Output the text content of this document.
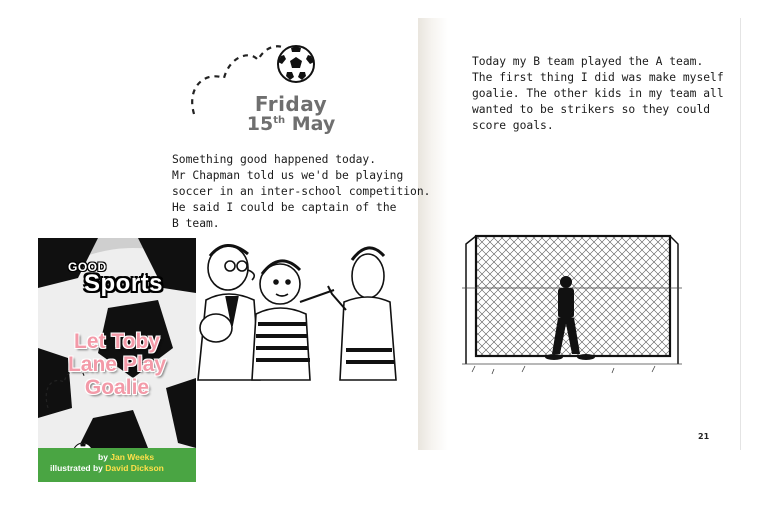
Friday
15th May
Something good happened today.
Mr Chapman told us we'd be playing
soccer in an inter-school competition.
He said I could be captain of the
B team.
Today my B team played the A team.
The first thing I did was make myself
goalie. The other kids in my team all
wanted to be strikers so they could
score goals.
21
GOOD
Sports
Let Toby
Lane Play
Goalie
by Jan Weeks
illustrated by David Dickson
